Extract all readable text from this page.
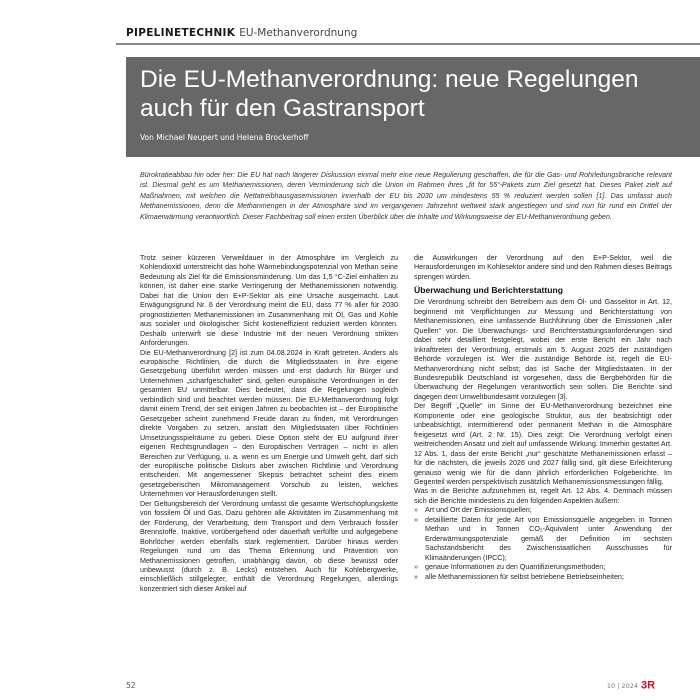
PIPELINETECHNIK EU-Methanverordnung
Die EU-Methanverordnung: neue Regelungen auch für den Gastransport
Von Michael Neupert und Helena Brockerhoff
Bürokratieabbau hin oder her: Die EU hat nach längerer Diskussion einmal mehr eine neue Regulierung geschaffen, die für die Gas- und Rohrleitungsbranche relevant ist. Diesmal geht es um Methanemissionen, deren Verminderung sich die Union im Rahmen ihres „fit for 55“-Pakets zum Ziel gesetzt hat. Dieses Paket zielt auf Maßnahmen, mit welchen die Nettatreibhausgasemissionen innerhalb der EU bis 2030 um mindestens 55 % reduziert werden sollen [1]. Das umfasst auch Methanemissionen, denn die Methanmengen in der Atmosphäre sind im vergangenen Jahrzehnt weltweit stark angestiegen und sind nun für rund ein Drittel der Klimaerwärmung verantwortlich. Dieser Fachbeitrag soll einen ersten Überblick über die Inhalte und Wirkungsweise der EU-Methanverordnung geben.

Trotz seiner kürzeren Verweildauer in der Atmosphäre im Vergleich zu Kohlendioxid unterstreicht das hohe Wärmebindungspotenzial von Methan seine Bedeutung als Ziel für die Emissionsminderung. Um das 1,5 °C-Ziel einhalten zu können, ist daher eine starke Verringerung der Methanemissionen notwendig. Dabei hat die Union den E+P-Sektor als eine Ursache ausgemacht. Laut Erwägungsgrund Nr. 6 der Verordnung meint die EU, dass 77 % aller für 2030 prognostizierten Methanemissionen im Zusammenhang mit Öl, Gas und Kohle aus sozialer und ökologischer Sicht kosteneffizient reduziert werden könnten. Deshalb unterwirft sie diese Industrie mit der neuen Verordnung strikten Anforderungen.

Die EU-Methanverordnung [2] ist zum 04.08.2024 in Kraft getreten. Anders als europäische Richtlinien, die durch die Mitgliedsstaaten in ihre eigene Gesetzgebung überführt werden müssen und erst dadurch für Bürger und Unternehmen „scharfgeschaltet“ sind, gelten europäische Verordnungen in der gesamten EU unmittelbar. Dies bedeutet, dass die Regelungen sogleich verbindlich sind und beachtet werden müssen. Die EU-Methanverordnung folgt damit einem Trend, der seit einigen Jahren zu beobachten ist – der Europäische Gesetzgeber scheint zunehmend Freude daran zu finden, mit Verordnungen direkte Vorgaben zu setzen, anstatt den Mitgliedstaaten über Richtlinien Umsetzungsspielräume zu geben. Diese Option steht der EU aufgrund ihrer eigenen Rechtsgrundlagen – den Europäischen Verträgen – nicht in allen Bereichen zur Verfügung, u. a. wenn es um Energie und Umwelt geht, darf sich der europäische politische Diskurs aber zwischen Richtlinie und Verordnung entscheiden. Mit angemessener Skepsis betrachtet scheint dies einem gesetzgeberischen Mikromanagement Vorschub zu leisten, welches Unternehmen vor Herausforderungen stellt.

Der Geltungsbereich der Verordnung umfasst die gesamte Wertschöpfungskette von fossilem Öl und Gas. Dazu gehören alle Aktivitäten im Zusammenhang mit der Förderung, der Verarbeitung, dem Transport und dem Verbrauch fossiler Brennstoffe. Inaktive, vorübergehend oder dauerhaft verfüllte und aufgegebene Bohrlöcher werden ebenfalls stark reglementiert. Darüber hinaus werden Regelungen rund um das Thema Erkennung und Prävention von Methanemissionen getroffen, unabhängig davon, ob diese bewusst oder unbewusst (durch z. B. Lecks) entstehen. Auch für Kohlebergwerke, einschließlich stillgelegter, enthält die Verordnung Regelungen, allerdings konzentriert sich dieser Artikel auf

die Auswirkungen der Verordnung auf den E+P-Sektor, weil die Herausforderungen im Kohlesektor andere sind und den Rahmen dieses Beitrags sprengen würden.

Überwachung und Berichterstattung

Die Verordnung schreibt den Betreibern aus dem Öl- und Gassektor in Art. 12, beginnend mit Verpflichtungen zur Messung und Berichterstattung von Methanemissionen, eine umfassende Buchführung über die Emissionen „aller Quellen“ vor. Die Überwachungs- und Berichterstattungsanforderungen sind dabei sehr detailliert festgelegt, wobei der erste Bericht ein Jahr nach Inkrafttreten der Verordnung, erstmals am 5. August 2025 der zuständigen Behörde vorzulegen ist. Wer die zuständige Behörde ist, regelt die EU-Methanverordnung nicht selbst; das ist Sache der Mitgliedstaaten. In der Bundesrepublik Deutschland ist vorgesehen, dass die Bergbehörden für die Überwachung der Regelungen verantwortlich sein sollen. Die Berichte sind dagegen dem Umweltbundesamt vorzulegen [3].

Der Begriff „Quelle“ im Sinne der EU-Methanverordnung bezeichnet eine Komponente oder eine geologische Struktur, aus der beabsichtigt oder unbeabsichtigt, intermittierend oder permanent Methan in die Atmosphäre freigesetzt wird (Art. 2 Nr. 15). Dies zeigt: Die Verordnung verfolgt einen weitreichenden Ansatz und zielt auf umfassende Wirkung. Immerhin gestattet Art. 12 Abs. 1, dass der erste Bericht „nur“ geschätzte Methanemissionen erfasst – für die nächsten, die jeweils 2026 und 2027 fällig sind, gilt diese Erleichterung genauso wenig wie für die dann jährlich erforderlichen Folgeberichte. Im Gegenteil werden perspektivisch zusätzlich Methanemissionsmessungen fällig.

Was in die Berichte aufzunehmen ist, regelt Art. 12 Abs. 4. Demnach müssen sich die Berichte mindestens zu den folgenden Aspekten äußern:

» Art und Ort der Emissionsquellen;
» detaillierte Daten für jede Art von Emissionsquelle angegeben in Tonnen Methan und in Tonnen CO₂-Äquivalent unter Anwendung der Erderwärmungspotenziale gemäß der Definition im sechsten Sachstandsbericht des Zwischenstaatlichen Ausschusses für Klimaänderungen (IPCC);
» genaue Informationen zu den Quantifizierungsmethoden;
» alle Methanemissionen für selbst betriebene Betriebseinheiten;
52	10 | 2024 3R
